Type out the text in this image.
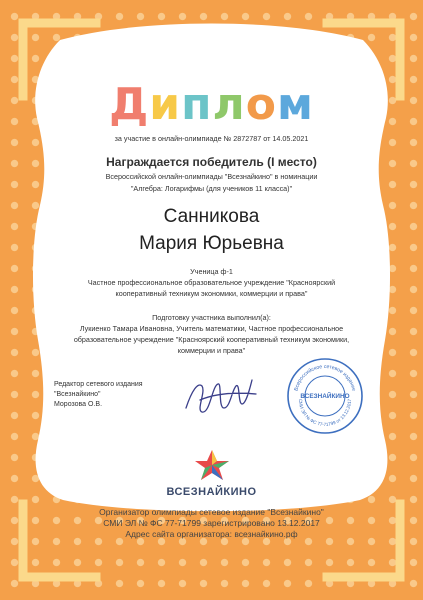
Диплом
за участие в онлайн-олимпиаде № 2872787 от 14.05.2021
Награждается победитель (I место)
Всероссийской онлайн-олимпиады "Всезнайкино" в номинации
"Алгебра: Логарифмы (для учеников 11 класса)"
Санникова
Мария Юрьевна
Ученица ф-1
Частное профессиональное образовательное учреждение "Красноярский
кооперативный техникум экономики, коммерции и права"
Подготовку участника выполнил(а):
Лукиенко Тамара Ивановна, Учитель математики, Частное профессиональное
образовательное учреждение "Красноярский кооперативный техникум экономики,
коммерции и права"
Редактор сетевого издания
"Всезнайкино"
Морозова О.В.
Всероссийское сетевое издание
СМИ ЭЛ № ФС 77-71799 от 13.12.2017
ВСЕЗНАЙКИНО
ВСЕЗНАЙКИНО
Организатор олимпиады сетевое издание "Всезнайкино"
СМИ ЭЛ № ФС 77-71799 зарегистрировано 13.12.2017
Адрес сайта организатора: всезнайкино.рф
